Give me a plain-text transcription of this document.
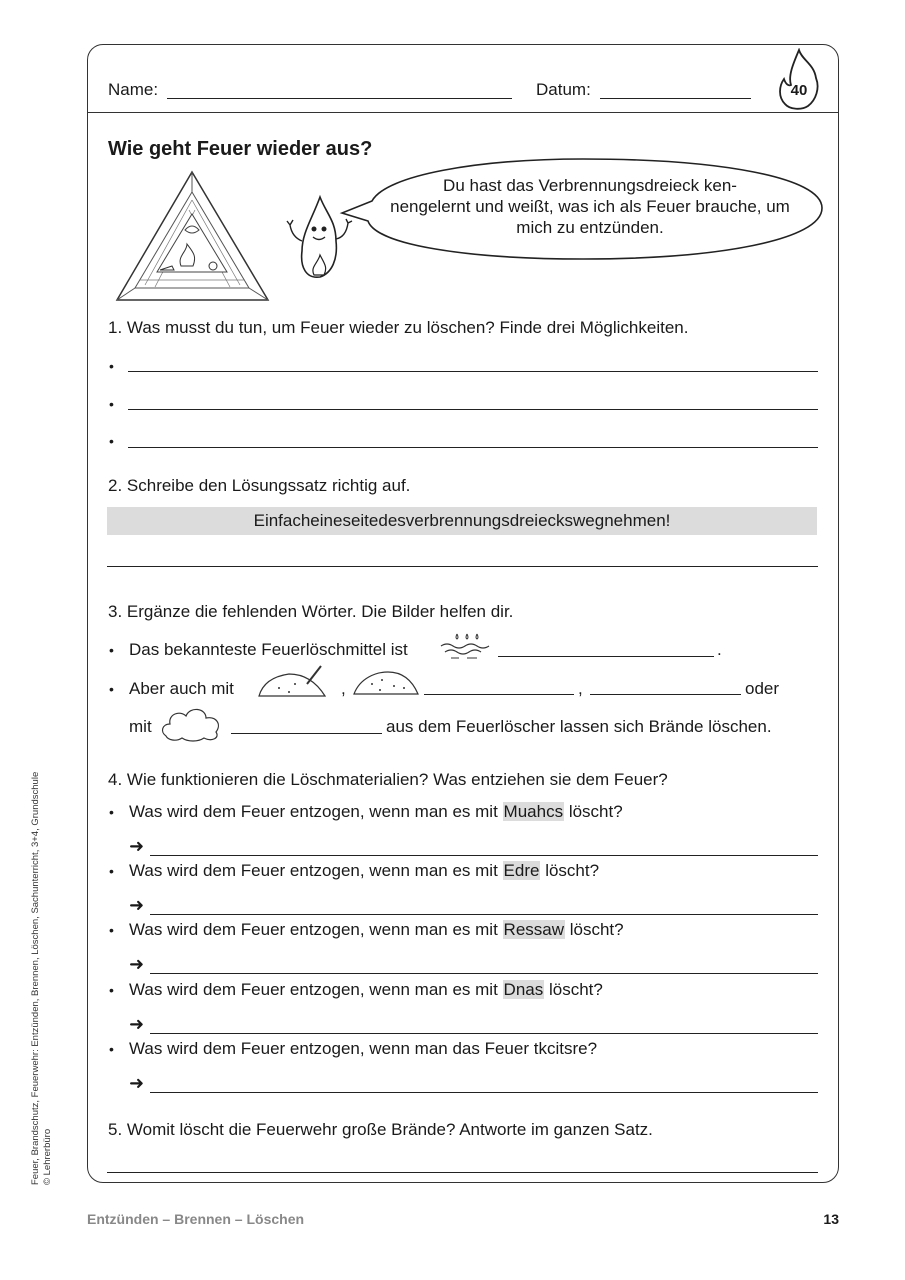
Name:	Datum:	40
Wie geht Feuer wieder aus?
Du hast das Verbrennungsdreieck ken-
nengelernt und weißt, was ich als Feuer brauche, um
mich zu entzünden.
1. Was musst du tun, um Feuer wieder zu löschen? Finde drei Möglichkeiten.
•
•
•
2. Schreibe den Lösungssatz richtig auf.
Einfacheineseitedesverbrennungsdreieckswegnehmen!
3. Ergänze die fehlenden Wörter. Die Bilder helfen dir.
• Das bekannteste Feuerlöschmittel ist	.
• Aber auch mit	,	,	oder
mit	aus dem Feuerlöscher lassen sich Brände löschen.
4. Wie funktionieren die Löschmaterialien? Was entziehen sie dem Feuer?
• Was wird dem Feuer entzogen, wenn man es mit Muahcs löscht?
➜
• Was wird dem Feuer entzogen, wenn man es mit Edre löscht?
➜
• Was wird dem Feuer entzogen, wenn man es mit Ressaw löscht?
➜
• Was wird dem Feuer entzogen, wenn man es mit Dnas löscht?
➜
• Was wird dem Feuer entzogen, wenn man das Feuer tkcitsre?
➜
5. Womit löscht die Feuerwehr große Brände? Antworte im ganzen Satz.
Feuer, Brandschutz, Feuerwehr: Entzünden, Brennen, Löschen, Sachunterricht, 3+4, Grundschule © Lehrerbüro
Entzünden – Brennen – Löschen	13
